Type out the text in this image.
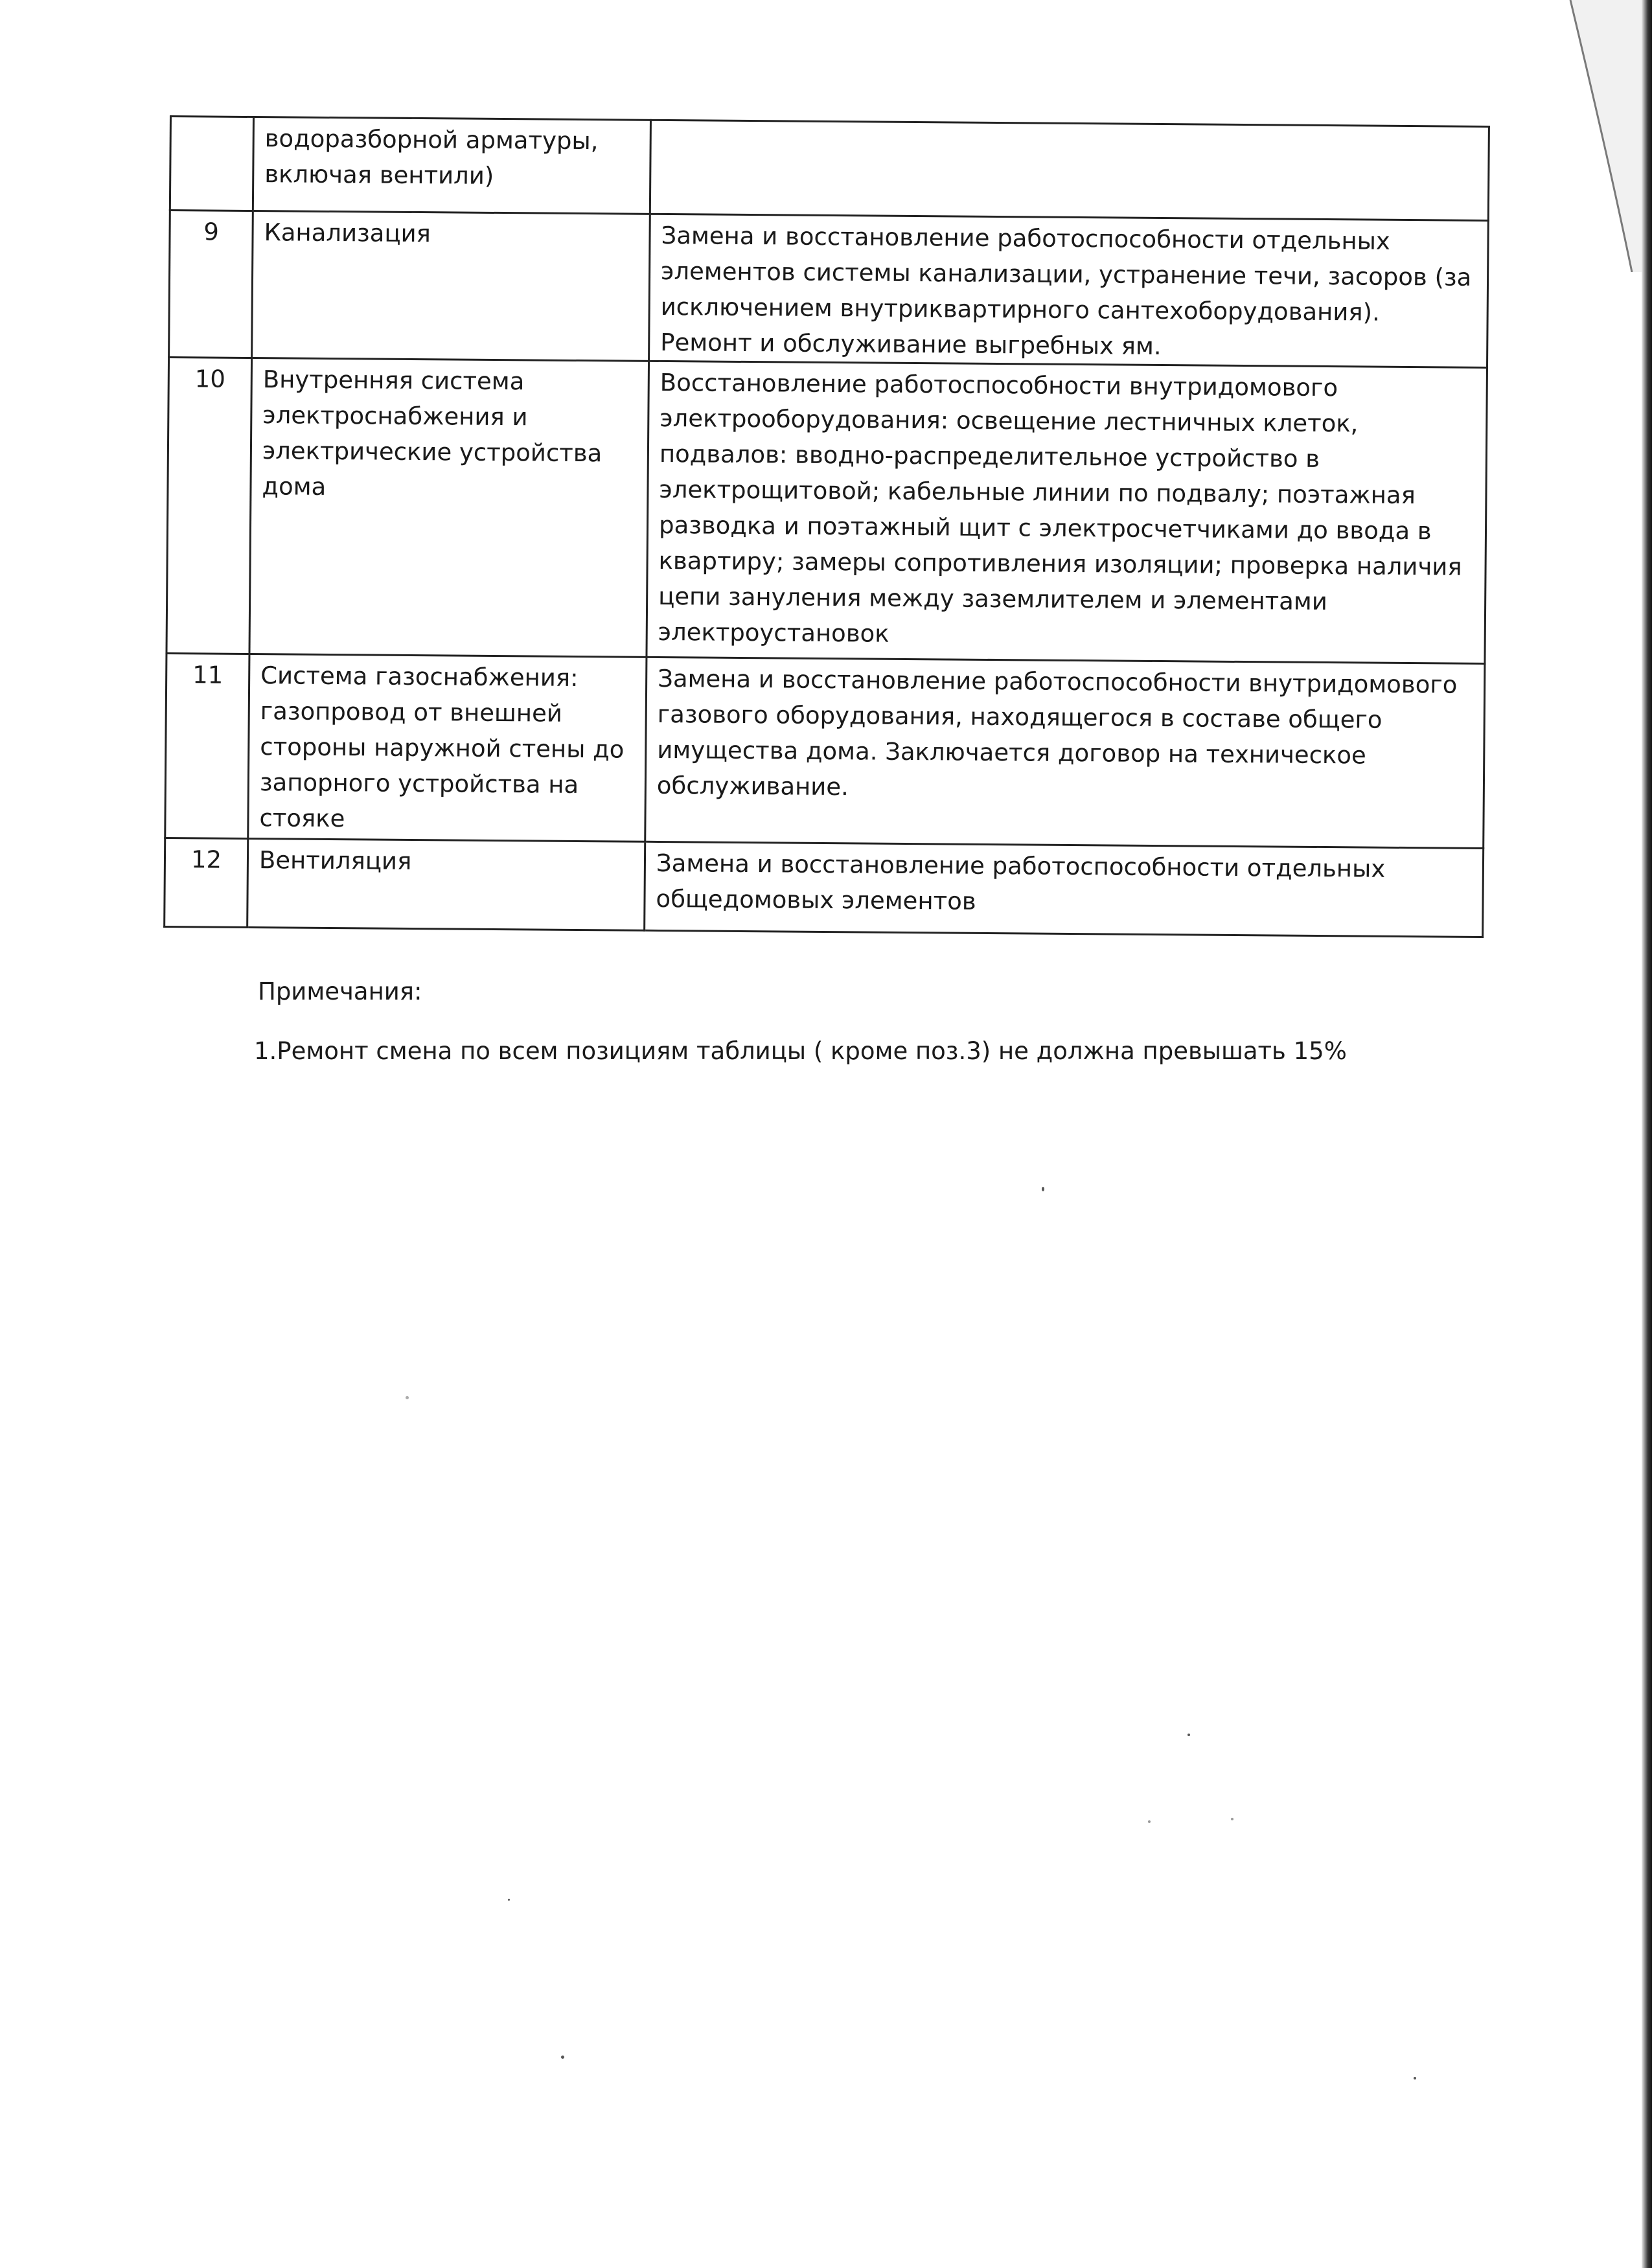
	водоразборной арматуры, включая вентили)	
9	Канализация	Замена и восстановление работоспособности отдельных элементов системы канализации, устранение течи, засоров (за исключением внутриквартирного сантехоборудования). Ремонт и обслуживание выгребных ям.
10	Внутренняя система электроснабжения и электрические устройства дома	Восстановление работоспособности внутридомового электрооборудования: освещение лестничных клеток, подвалов: вводно-распределительное устройство в электрощитовой; кабельные линии по подвалу; поэтажная разводка и поэтажный щит с электросчетчиками до ввода в квартиру; замеры сопротивления изоляции; проверка наличия цепи зануления между заземлителем и элементами электроустановок
11	Система газоснабжения: газопровод от внешней стороны наружной стены до запорного устройства на стояке	Замена и восстановление работоспособности внутридомового газового оборудования, находящегося в составе общего имущества дома. Заключается договор на техническое обслуживание.
12	Вентиляция	Замена и восстановление работоспособности отдельных общедомовых элементов
Примечания:
1.Ремонт смена по всем позициям таблицы ( кроме поз.3) не должна превышать 15%
